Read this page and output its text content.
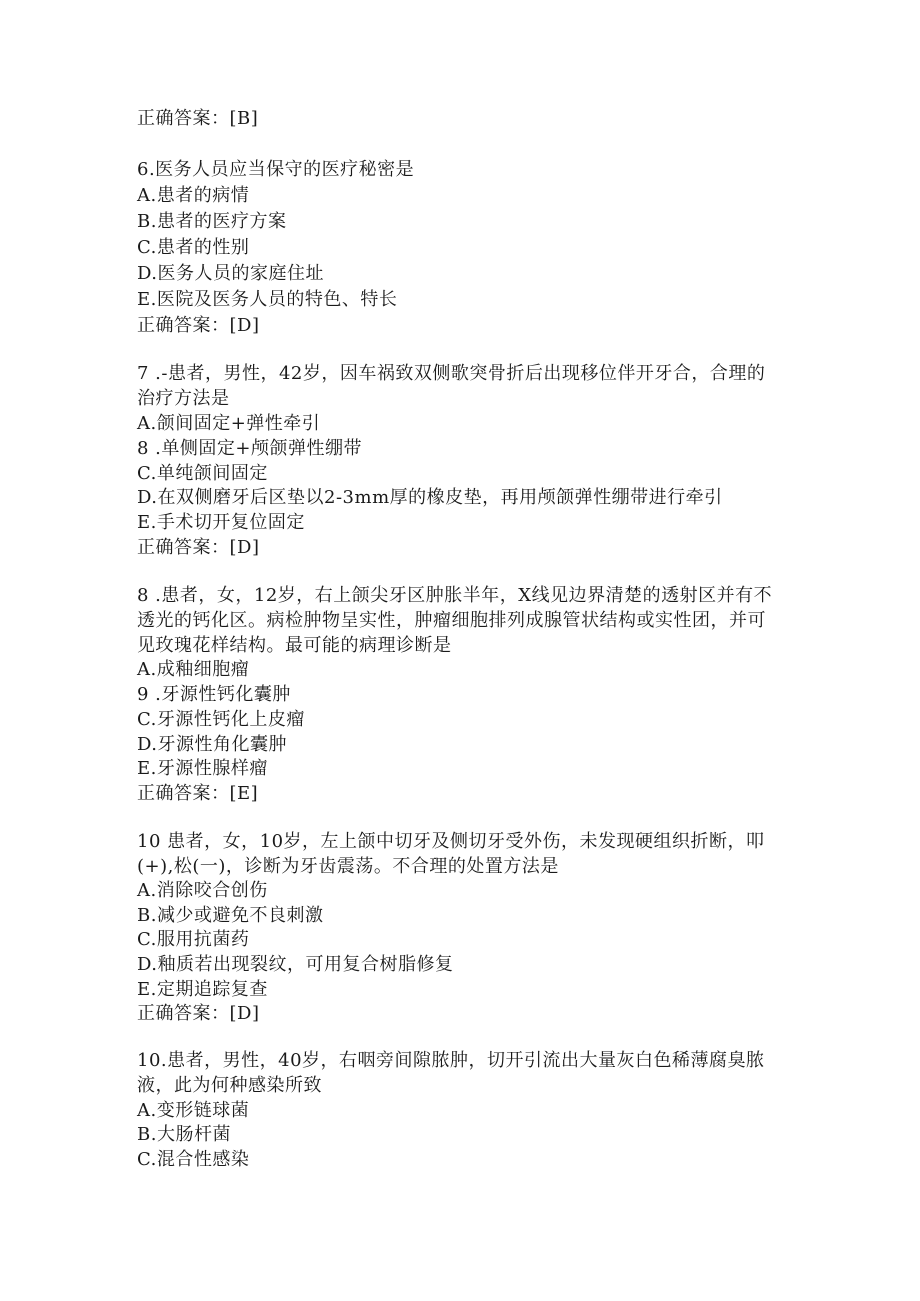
正确答案：[B]
6.医务人员应当保守的医疗秘密是
A.患者的病情
B.患者的医疗方案
C.患者的性别
D.医务人员的家庭住址
E.医院及医务人员的特色、特长
正确答案：[D]
7 .-患者，男性，42岁，因车祸致双侧歌突骨折后出现移位伴开牙合，合理的
治疗方法是
A.颌间固定+弹性牵引
8 .单侧固定+颅颌弹性绷带
C.单纯颌间固定
D.在双侧磨牙后区垫以2-3mm厚的橡皮垫，再用颅颌弹性绷带进行牵引
E.手术切开复位固定
正确答案：[D]
8 .患者，女，12岁，右上颌尖牙区肿胀半年，X线见边界清楚的透射区并有不
透光的钙化区。病检肿物呈实性，肿瘤细胞排列成腺管状结构或实性团，并可
见玫瑰花样结构。最可能的病理诊断是
A.成釉细胞瘤
9 .牙源性钙化囊肿
C.牙源性钙化上皮瘤
D.牙源性角化囊肿
E.牙源性腺样瘤
正确答案：[E]
10 患者，女，10岁，左上颌中切牙及侧切牙受外伤，未发现硬组织折断，叩
(+),松(一)，诊断为牙齿震荡。不合理的处置方法是
A.消除咬合创伤
B.减少或避免不良刺激
C.服用抗菌药
D.釉质若出现裂纹，可用复合树脂修复
E.定期追踪复查
正确答案：[D]
10.患者，男性，40岁，右咽旁间隙脓肿，切开引流出大量灰白色稀薄腐臭脓
液，此为何种感染所致
A.变形链球菌
B.大肠杆菌
C.混合性感染
